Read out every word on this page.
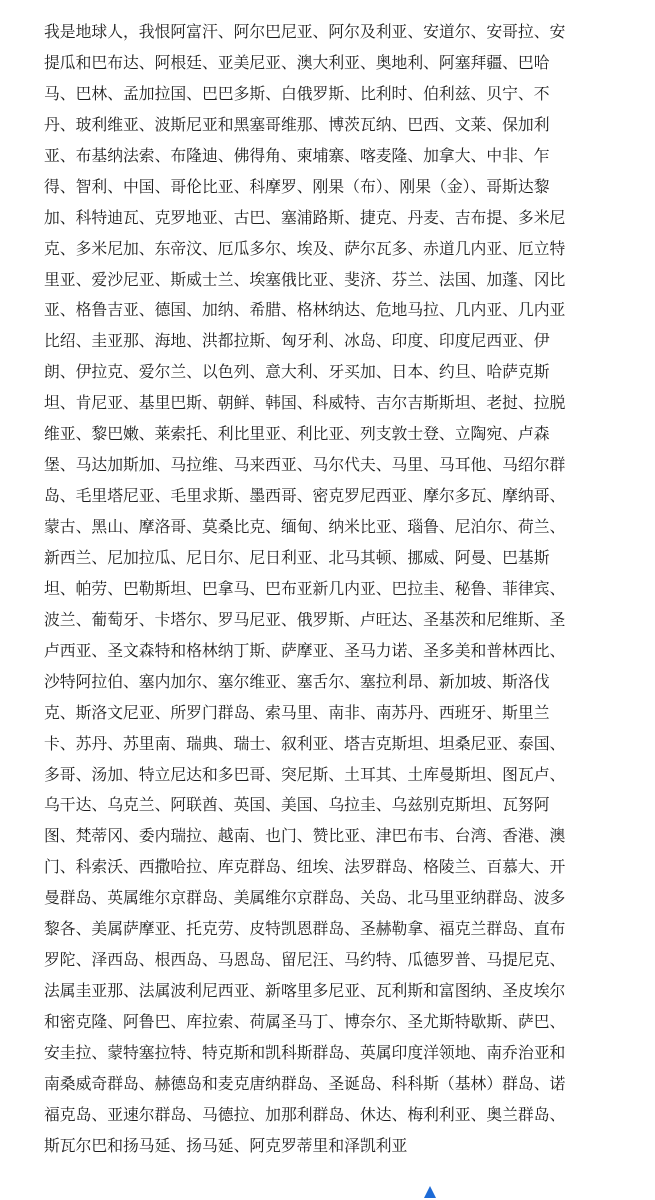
我是地球人，我恨阿富汗、阿尔巴尼亚、阿尔及利亚、安道尔、安哥拉、安
提瓜和巴布达、阿根廷、亚美尼亚、澳大利亚、奥地利、阿塞拜疆、巴哈
马、巴林、孟加拉国、巴巴多斯、白俄罗斯、比利时、伯利兹、贝宁、不
丹、玻利维亚、波斯尼亚和黑塞哥维那、博茨瓦纳、巴西、文莱、保加利
亚、布基纳法索、布隆迪、佛得角、柬埔寨、喀麦隆、加拿大、中非、乍
得、智利、中国、哥伦比亚、科摩罗、刚果（布）、刚果（金）、哥斯达黎
加、科特迪瓦、克罗地亚、古巴、塞浦路斯、捷克、丹麦、吉布提、多米尼
克、多米尼加、东帝汶、厄瓜多尔、埃及、萨尔瓦多、赤道几内亚、厄立特
里亚、爱沙尼亚、斯威士兰、埃塞俄比亚、斐济、芬兰、法国、加蓬、冈比
亚、格鲁吉亚、德国、加纳、希腊、格林纳达、危地马拉、几内亚、几内亚
比绍、圭亚那、海地、洪都拉斯、匈牙利、冰岛、印度、印度尼西亚、伊
朗、伊拉克、爱尔兰、以色列、意大利、牙买加、日本、约旦、哈萨克斯
坦、肯尼亚、基里巴斯、朝鲜、韩国、科威特、吉尔吉斯斯坦、老挝、拉脱
维亚、黎巴嫩、莱索托、利比里亚、利比亚、列支敦士登、立陶宛、卢森
堡、马达加斯加、马拉维、马来西亚、马尔代夫、马里、马耳他、马绍尔群
岛、毛里塔尼亚、毛里求斯、墨西哥、密克罗尼西亚、摩尔多瓦、摩纳哥、
蒙古、黑山、摩洛哥、莫桑比克、缅甸、纳米比亚、瑙鲁、尼泊尔、荷兰、
新西兰、尼加拉瓜、尼日尔、尼日利亚、北马其顿、挪威、阿曼、巴基斯
坦、帕劳、巴勒斯坦、巴拿马、巴布亚新几内亚、巴拉圭、秘鲁、菲律宾、
波兰、葡萄牙、卡塔尔、罗马尼亚、俄罗斯、卢旺达、圣基茨和尼维斯、圣
卢西亚、圣文森特和格林纳丁斯、萨摩亚、圣马力诺、圣多美和普林西比、
沙特阿拉伯、塞内加尔、塞尔维亚、塞舌尔、塞拉利昂、新加坡、斯洛伐
克、斯洛文尼亚、所罗门群岛、索马里、南非、南苏丹、西班牙、斯里兰
卡、苏丹、苏里南、瑞典、瑞士、叙利亚、塔吉克斯坦、坦桑尼亚、泰国、
多哥、汤加、特立尼达和多巴哥、突尼斯、土耳其、土库曼斯坦、图瓦卢、
乌干达、乌克兰、阿联酋、英国、美国、乌拉圭、乌兹别克斯坦、瓦努阿
图、梵蒂冈、委内瑞拉、越南、也门、赞比亚、津巴布韦、台湾、香港、澳
门、科索沃、西撒哈拉、库克群岛、纽埃、法罗群岛、格陵兰、百慕大、开
曼群岛、英属维尔京群岛、美属维尔京群岛、关岛、北马里亚纳群岛、波多
黎各、美属萨摩亚、托克劳、皮特凯恩群岛、圣赫勒拿、福克兰群岛、直布
罗陀、泽西岛、根西岛、马恩岛、留尼汪、马约特、瓜德罗普、马提尼克、
法属圭亚那、法属波利尼西亚、新喀里多尼亚、瓦利斯和富图纳、圣皮埃尔
和密克隆、阿鲁巴、库拉索、荷属圣马丁、博奈尔、圣尤斯特歇斯、萨巴、
安圭拉、蒙特塞拉特、特克斯和凯科斯群岛、英属印度洋领地、南乔治亚和
南桑威奇群岛、赫德岛和麦克唐纳群岛、圣诞岛、科科斯（基林）群岛、诺
福克岛、亚速尔群岛、马德拉、加那利群岛、休达、梅利利亚、奥兰群岛、
斯瓦尔巴和扬马延、扬马延、阿克罗蒂里和泽凯利亚
